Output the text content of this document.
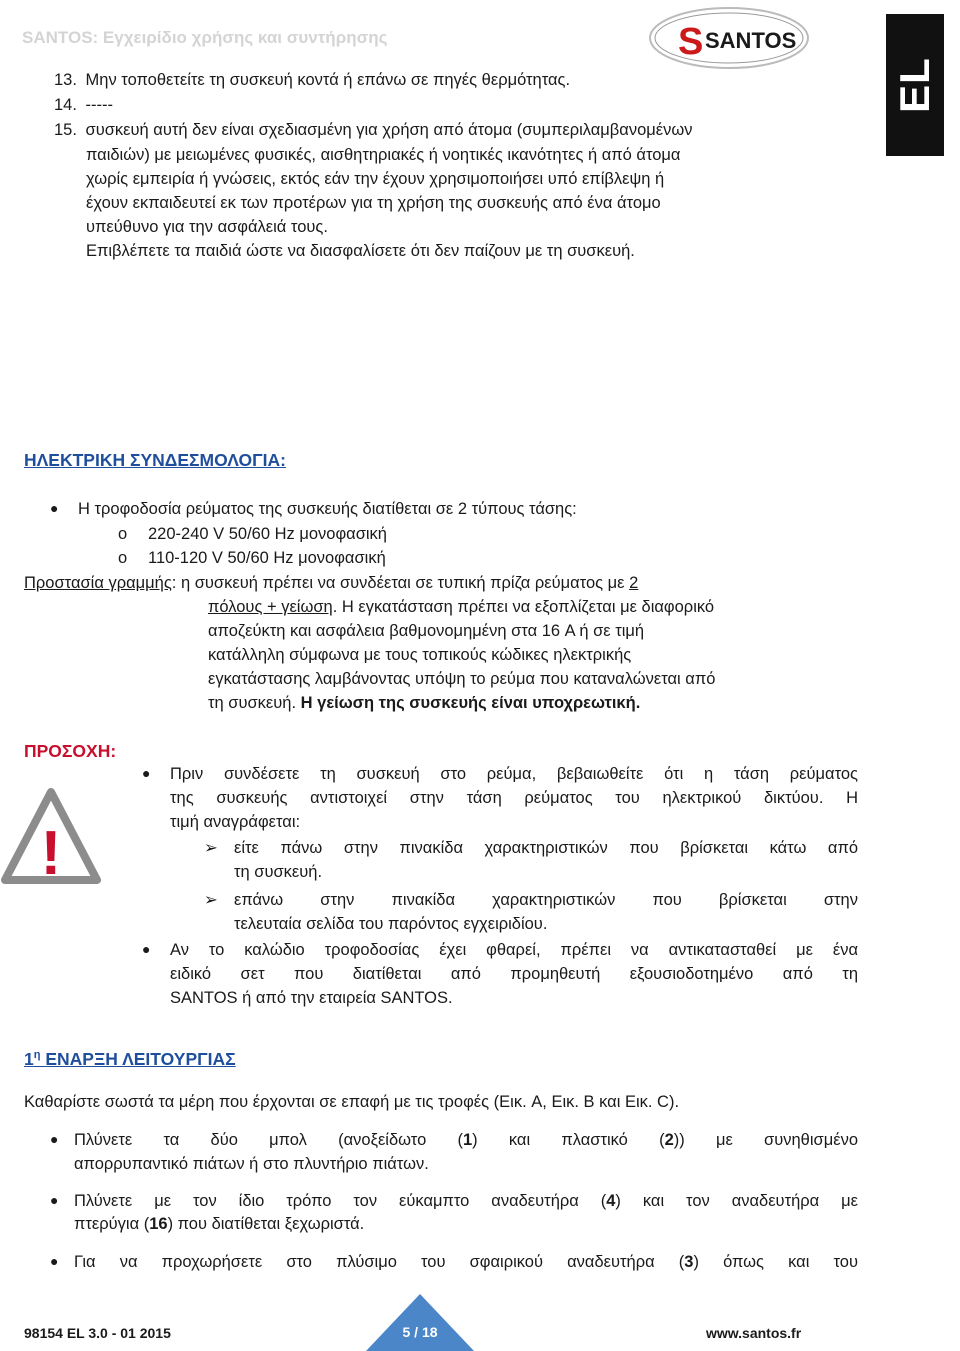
SANTOS: Εγχειρίδιο χρήσης και συντήρησης	S SANTOS
EL
13. Μην τοποθετείτε τη συσκευή κοντά ή επάνω σε πηγές θερμότητας.
14. -----
15. συσκευή αυτή δεν είναι σχεδιασμένη για χρήση από άτομα (συμπεριλαμβανομένων
παιδιών) με μειωμένες φυσικές, αισθητηριακές ή νοητικές ικανότητες ή από άτομα
χωρίς εμπειρία ή γνώσεις, εκτός εάν την έχουν χρησιμοποιήσει υπό επίβλεψη ή
έχουν εκπαιδευτεί εκ των προτέρων για τη χρήση της συσκευής από ένα άτομο
υπεύθυνο για την ασφάλειά τους.
Επιβλέπετε τα παιδιά ώστε να διασφαλίσετε ότι δεν παίζουν με τη συσκευή.
ΗΛΕΚΤΡΙΚΗ ΣΥΝΔΕΣΜΟΛΟΓΙΑ:
● Η τροφοδοσία ρεύματος της συσκευής διατίθεται σε 2 τύπους τάσης:
o 220-240 V 50/60 Hz μονοφασική
o 110-120 V 50/60 Hz μονοφασική
Προστασία γραμμής: η συσκευή πρέπει να συνδέεται σε τυπική πρίζα ρεύματος με 2
πόλους + γείωση. Η εγκατάσταση πρέπει να εξοπλίζεται με διαφορικό
αποζεύκτη και ασφάλεια βαθμονομημένη στα 16 A ή σε τιμή
κατάλληλη σύμφωνα με τους τοπικούς κώδικες ηλεκτρικής
εγκατάστασης λαμβάνοντας υπόψη το ρεύμα που καταναλώνεται από
τη συσκευή. Η γείωση της συσκευής είναι υποχρεωτική.
ΠΡΟΣΟΧΗ:
!
● Πριν συνδέσετε τη συσκευή στο ρεύμα, βεβαιωθείτε ότι η τάση ρεύματος
της συσκευής αντιστοιχεί στην τάση ρεύματος του ηλεκτρικού δικτύου. Η
τιμή αναγράφεται:
➢ είτε πάνω στην πινακίδα χαρακτηριστικών που βρίσκεται κάτω από
τη συσκευή.
➢ επάνω στην πινακίδα χαρακτηριστικών που βρίσκεται στην
τελευταία σελίδα του παρόντος εγχειριδίου.
● Αν το καλώδιο τροφοδοσίας έχει φθαρεί, πρέπει να αντικατασταθεί με ένα
ειδικό σετ που διατίθεται από προμηθευτή εξουσιοδοτημένο από τη
SANTOS ή από την εταιρεία SANTOS.
$1^\eta$ ΕΝΑΡΞΗ ΛΕΙΤΟΥΡΓΙΑΣ
Καθαρίστε σωστά τα μέρη που έρχονται σε επαφή με τις τροφές (Εικ. A, Εικ. B και Εικ. C).
● Πλύνετε τα δύο μπολ (ανοξείδωτο (1) και πλαστικό (2)) με συνηθισμένο
απορρυπαντικό πιάτων ή στο πλυντήριο πιάτων.
● Πλύνετε με τον ίδιο τρόπο τον εύκαμπτο αναδευτήρα (4) και τον αναδευτήρα με
πτερύγια (16) που διατίθεται ξεχωριστά.
● Για να προχωρήσετε στο πλύσιμο του σφαιρικού αναδευτήρα (3) όπως και του
98154 EL 3.0 - 01 2015	5 / 18	www.santos.fr
